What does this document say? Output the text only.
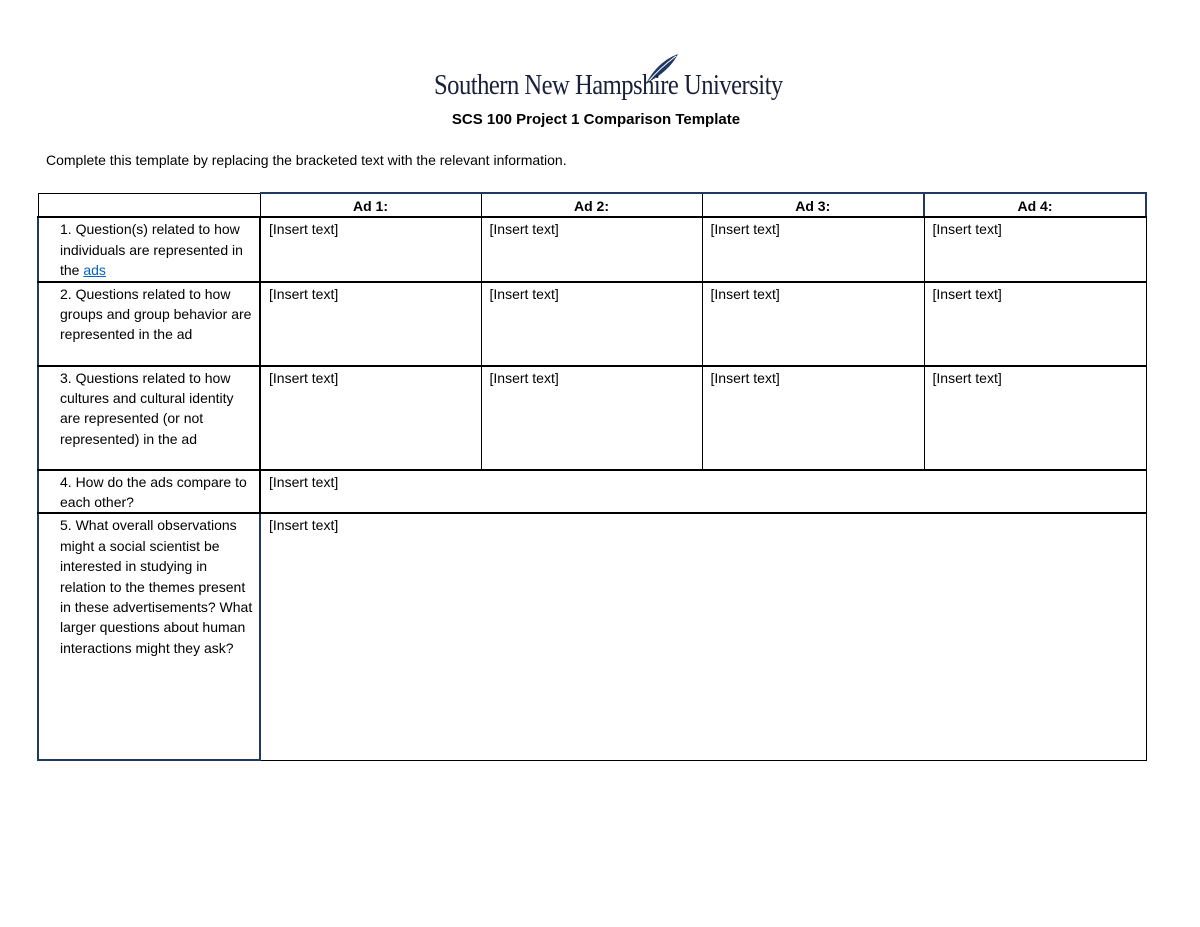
Southern New Hampshire University
SCS 100 Project 1 Comparison Template
Complete this template by replacing the bracketed text with the relevant information.
	Ad 1:	Ad 2:	Ad 3:	Ad 4:
1. Question(s) related to how individuals are represented in the ads	[Insert text]	[Insert text]	[Insert text]	[Insert text]
2. Questions related to how groups and group behavior are represented in the ad	[Insert text]	[Insert text]	[Insert text]	[Insert text]
3. Questions related to how cultures and cultural identity are represented (or not represented) in the ad	[Insert text]	[Insert text]	[Insert text]	[Insert text]
4. How do the ads compare to each other?	[Insert text]			
5. What overall observations might a social scientist be interested in studying in relation to the themes present in these advertisements? What larger questions about human interactions might they ask?	[Insert text]			
